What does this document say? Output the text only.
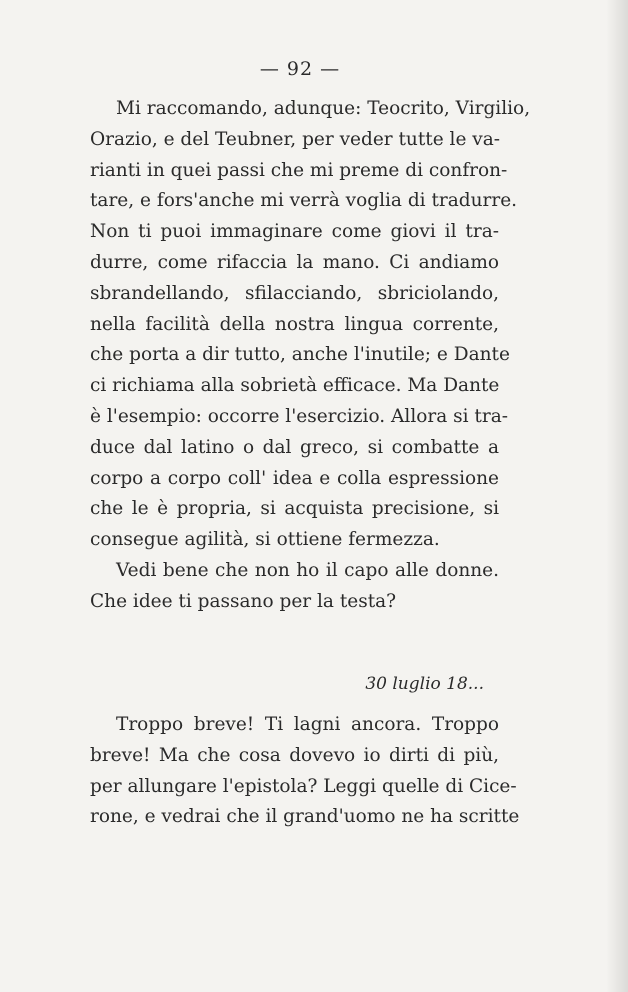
— 92 —
Mi raccomando, adunque: Teocrito, Virgilio,
Orazio, e del Teubner, per veder tutte le va-
rianti in quei passi che mi preme di confron-
tare, e fors'anche mi verrà voglia di tradurre.
Non ti puoi immaginare come giovi il tra-
durre, come rifaccia la mano. Ci andiamo
sbrandellando, sfilacciando, sbriciolando,
nella facilità della nostra lingua corrente,
che porta a dir tutto, anche l'inutile; e Dante
ci richiama alla sobrietà efficace. Ma Dante
è l'esempio: occorre l'esercizio. Allora si tra-
duce dal latino o dal greco, si combatte a
corpo a corpo coll' idea e colla espressione
che le è propria, si acquista precisione, si
consegue agilità, si ottiene fermezza.
Vedi bene che non ho il capo alle donne.
Che idee ti passano per la testa?
30 luglio 18...
Troppo breve! Ti lagni ancora. Troppo
breve! Ma che cosa dovevo io dirti di più,
per allungare l'epistola? Leggi quelle di Cice-
rone, e vedrai che il grand'uomo ne ha scritte
